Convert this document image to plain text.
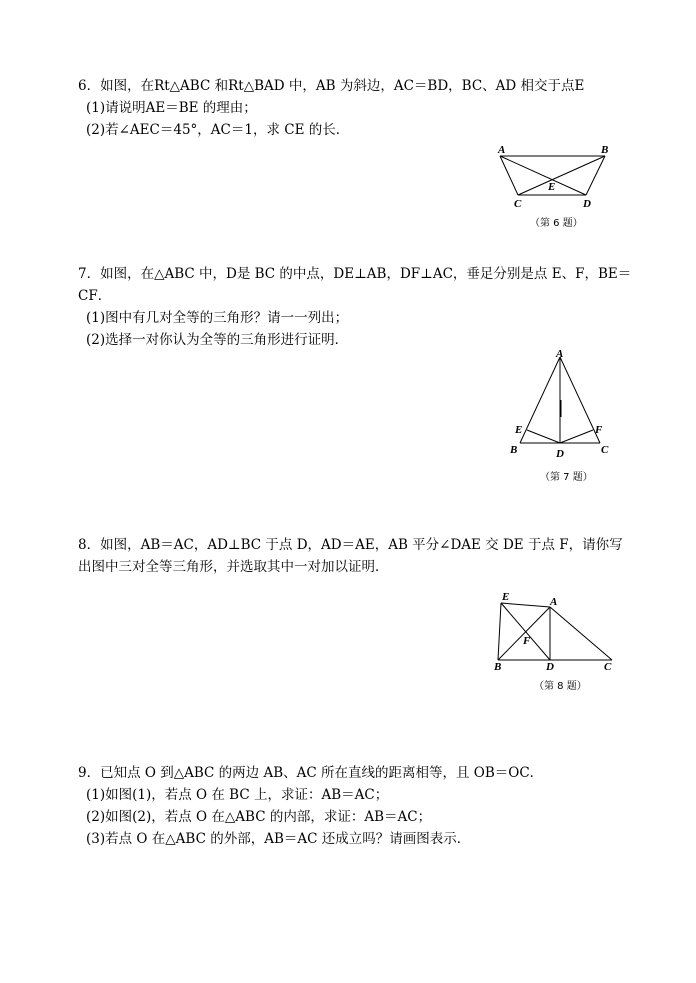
6．如图，在Rt△ABC 和Rt△BAD 中，AB 为斜边，AC＝BD，BC、AD 相交于点E
(1)请说明AE＝BE 的理由；
(2)若∠AEC＝45°，AC＝1，求 CE 的长．
A	B
C	D
E
（第 6 题）
7．如图，在△ABC 中，D是 BC 的中点，DE⊥AB，DF⊥AC，垂足分别是点 E、F，BE＝
CF．
(1)图中有几对全等的三角形？请一一列出；
(2)选择一对你认为全等的三角形进行证明．
A
B	C
D
E	F
（第 7 题）
8．如图，AB＝AC，AD⊥BC 于点 D，AD＝AE，AB 平分∠DAE 交 DE 于点 F，请你写
出图中三对全等三角形，并选取其中一对加以证明．
E	A
B	C
D
F
（第 8 题）
9．已知点 O 到△ABC 的两边 AB、AC 所在直线的距离相等，且 OB＝OC．
(1)如图(1)，若点 O 在 BC 上，求证：AB＝AC；
(2)如图(2)，若点 O 在△ABC 的内部，求证：AB＝AC；
(3)若点 O 在△ABC 的外部，AB＝AC 还成立吗？请画图表示．
